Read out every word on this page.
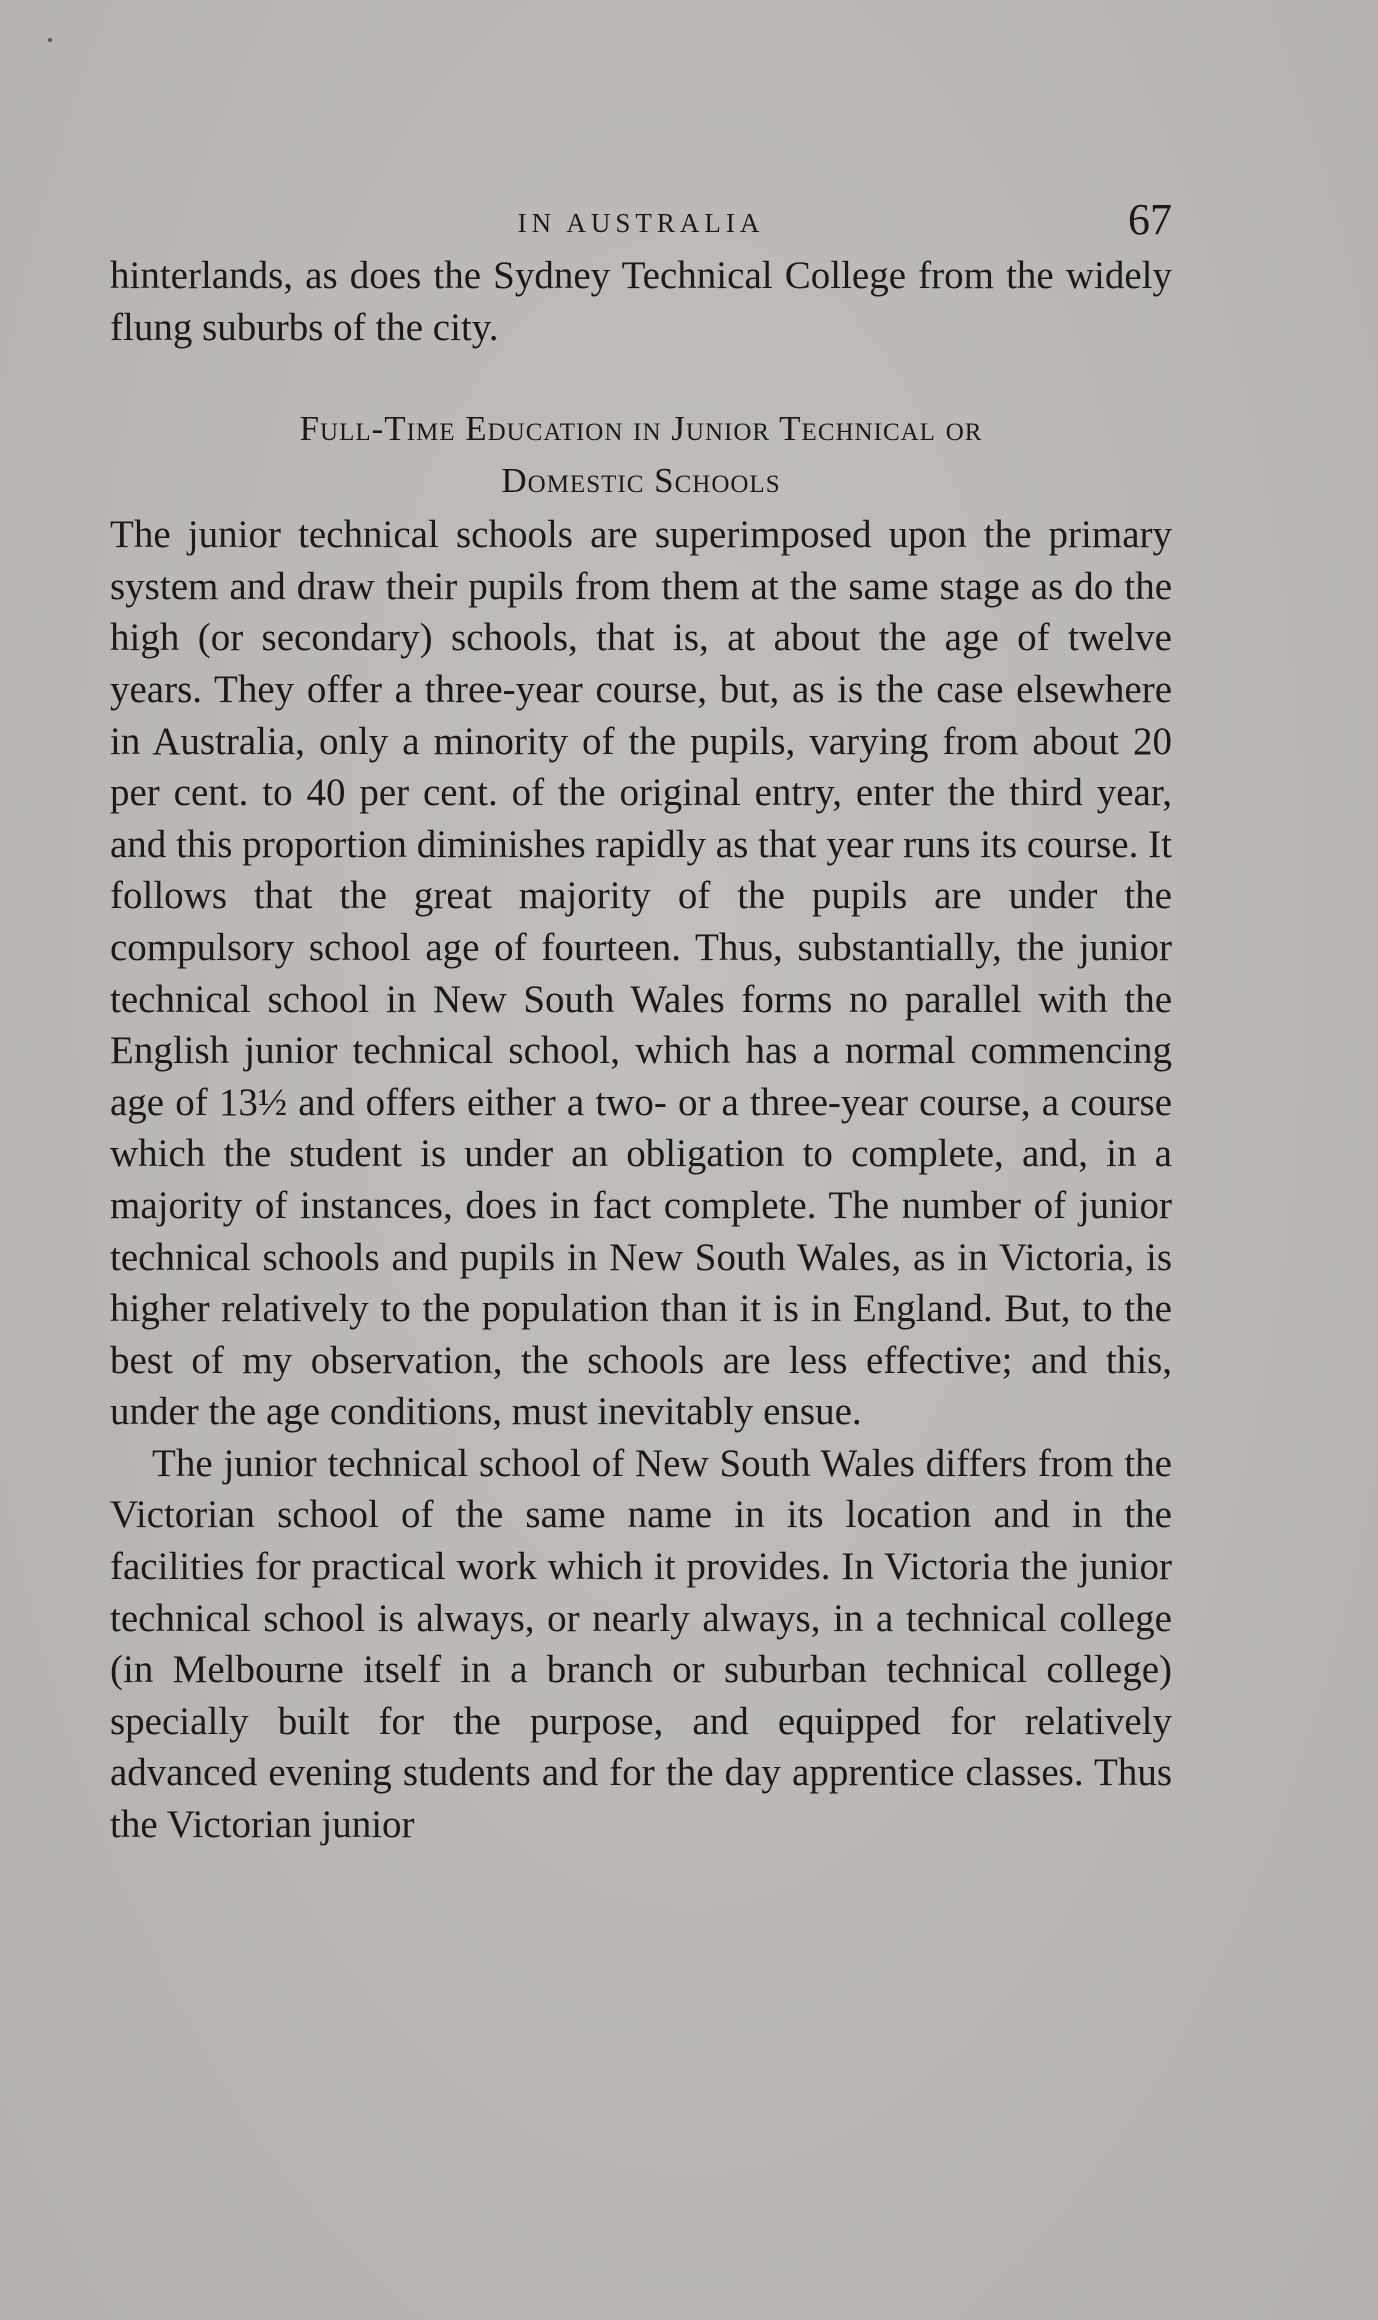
IN AUSTRALIA	67

hinterlands, as does the Sydney Technical College from the widely flung suburbs of the city.

Full-Time Education in Junior Technical or
Domestic Schools

The junior technical schools are superimposed upon the primary system and draw their pupils from them at the same stage as do the high (or secondary) schools, that is, at about the age of twelve years. They offer a three-year course, but, as is the case elsewhere in Australia, only a minority of the pupils, varying from about 20 per cent. to 40 per cent. of the original entry, enter the third year, and this proportion diminishes rapidly as that year runs its course. It follows that the great majority of the pupils are under the compulsory school age of fourteen. Thus, substantially, the junior technical school in New South Wales forms no parallel with the English junior technical school, which has a normal commencing age of 13½ and offers either a two- or a three-year course, a course which the student is under an obligation to complete, and, in a majority of instances, does in fact complete. The number of junior technical schools and pupils in New South Wales, as in Victoria, is higher relatively to the population than it is in England. But, to the best of my observation, the schools are less effective; and this, under the age conditions, must inevitably ensue.

The junior technical school of New South Wales differs from the Victorian school of the same name in its location and in the facilities for practical work which it provides. In Victoria the junior technical school is always, or nearly always, in a technical college (in Melbourne itself in a branch or suburban technical college) specially built for the purpose, and equipped for relatively advanced evening students and for the day apprentice classes. Thus the Victorian junior
